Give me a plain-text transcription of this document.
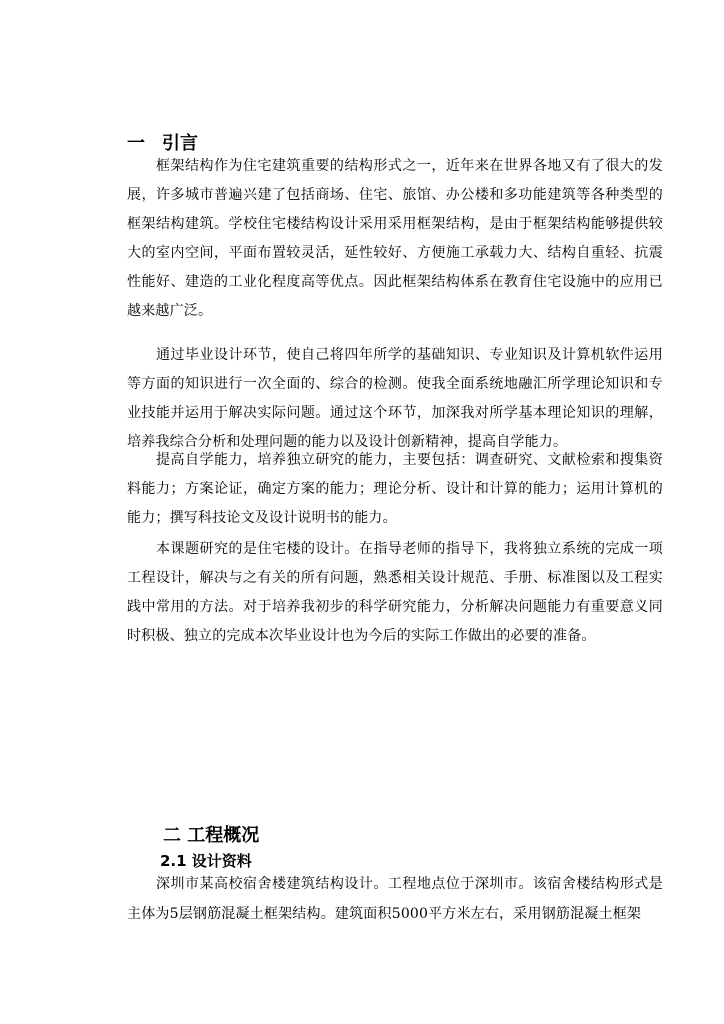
一 引言

框架结构作为住宅建筑重要的结构形式之一，近年来在世界各地又有了很大的发展，许多城市普遍兴建了包括商场、住宅、旅馆、办公楼和多功能建筑等各种类型的框架结构建筑。学校住宅楼结构设计采用采用框架结构，是由于框架结构能够提供较大的室内空间，平面布置较灵活，延性较好、方便施工承载力大、结构自重轻、抗震性能好、建造的工业化程度高等优点。因此框架结构体系在教育住宅设施中的应用已越来越广泛。

通过毕业设计环节，使自己将四年所学的基础知识、专业知识及计算机软件运用等方面的知识进行一次全面的、综合的检测。使我全面系统地融汇所学理论知识和专业技能并运用于解决实际问题。通过这个环节，加深我对所学基本理论知识的理解，培养我综合分析和处理问题的能力以及设计创新精神，提高自学能力。

提高自学能力，培养独立研究的能力，主要包括：调查研究、文献检索和搜集资料能力；方案论证，确定方案的能力；理论分析、设计和计算的能力；运用计算机的能力；撰写科技论文及设计说明书的能力。

本课题研究的是住宅楼的设计。在指导老师的指导下，我将独立系统的完成一项工程设计，解决与之有关的所有问题，熟悉相关设计规范、手册、标准图以及工程实践中常用的方法。对于培养我初步的科学研究能力，分析解决问题能力有重要意义同时积极、独立的完成本次毕业设计也为今后的实际工作做出的必要的准备。

二 工程概况
2.1 设计资料

深圳市某高校宿舍楼建筑结构设计。工程地点位于深圳市。该宿舍楼结构形式是主体为5层钢筋混凝土框架结构。建筑面积5000平方米左右，采用钢筋混凝土框架
